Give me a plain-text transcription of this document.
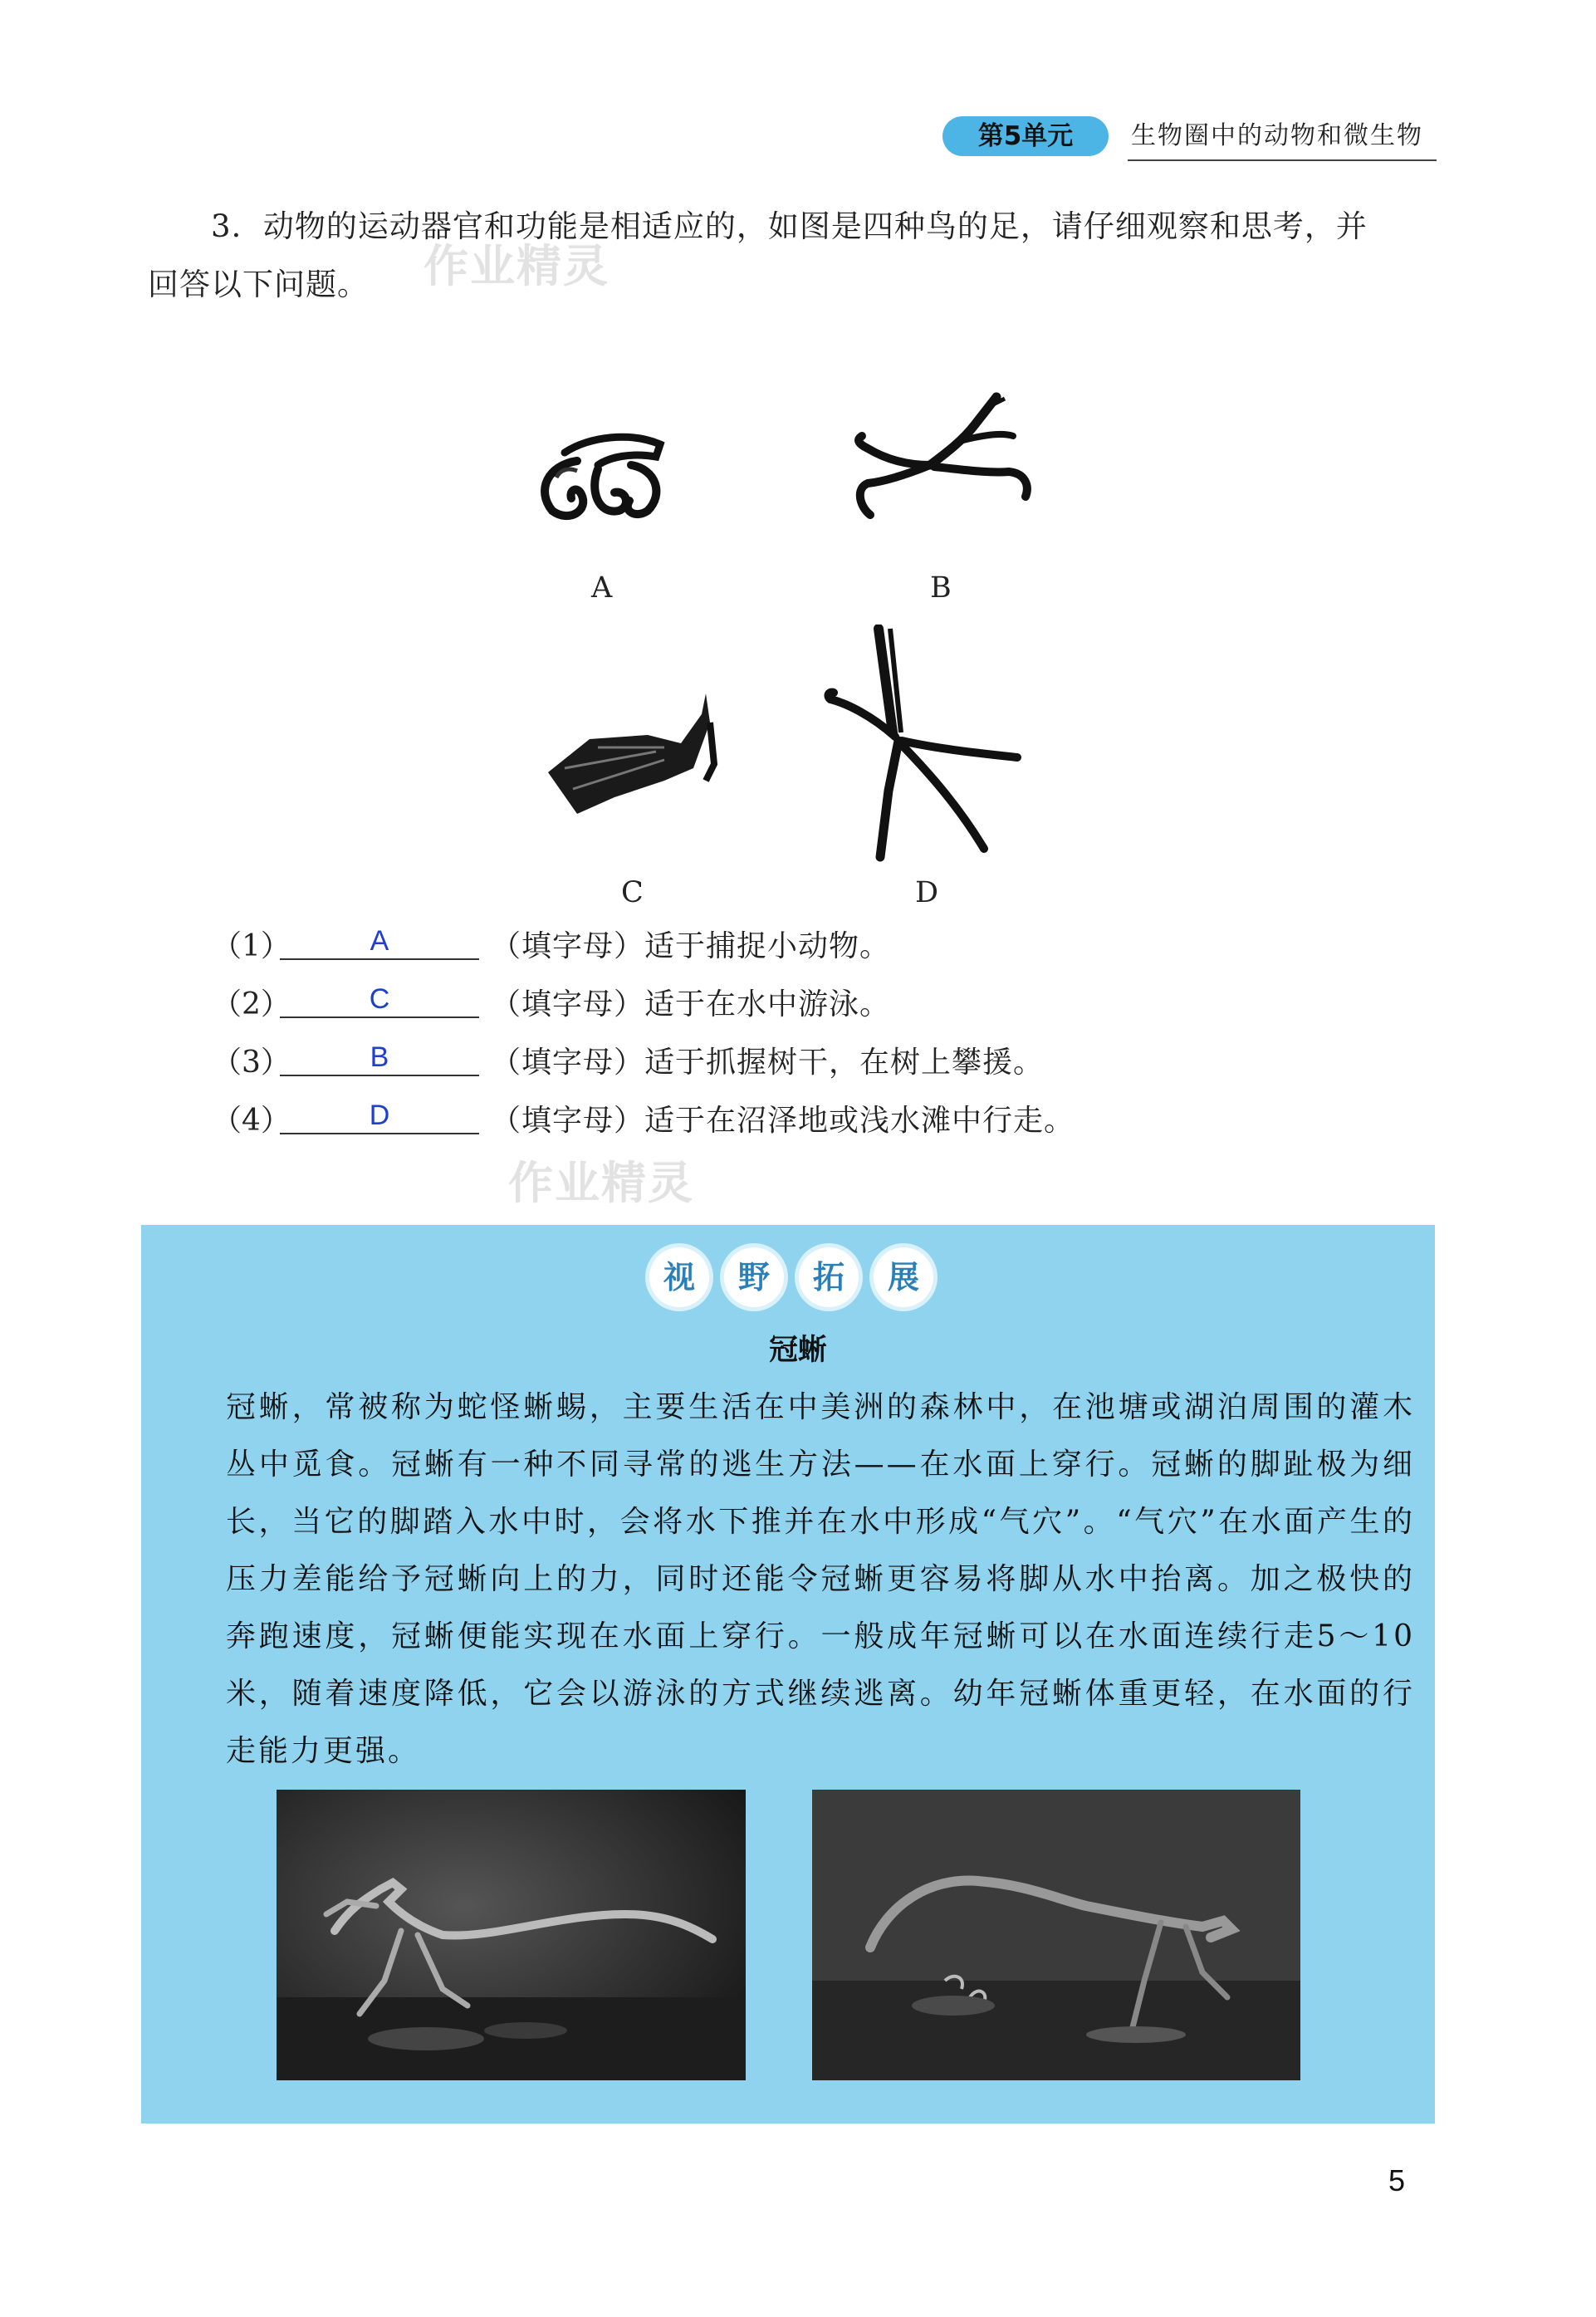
第5单元	生物圈中的动物和微生物
3. 动物的运动器官和功能是相适应的，如图是四种鸟的足，请仔细观察和思考，并
回答以下问题。	作业精灵
A	B
C	D
（1）	A	（填字母）适于捕捉小动物。
（2）	C	（填字母）适于在水中游泳。
（3）	B	（填字母）适于抓握树干，在树上攀援。
（4）	D	（填字母）适于在沼泽地或浅水滩中行走。
作业精灵
视	野	拓	展
冠蜥
冠蜥，常被称为蛇怪蜥蜴，主要生活在中美洲的森林中，在池塘或湖泊周围的灌木丛中觅食。冠蜥有一种不同寻常的逃生方法——在水面上穿行。冠蜥的脚趾极为细长，当它的脚踏入水中时，会将水下推并在水中形成“气穴”。“气穴”在水面产生的压力差能给予冠蜥向上的力，同时还能令冠蜥更容易将脚从水中抬离。加之极快的奔跑速度，冠蜥便能实现在水面上穿行。一般成年冠蜥可以在水面连续行走5～10米，随着速度降低，它会以游泳的方式继续逃离。幼年冠蜥体重更轻，在水面的行走能力更强。
5
